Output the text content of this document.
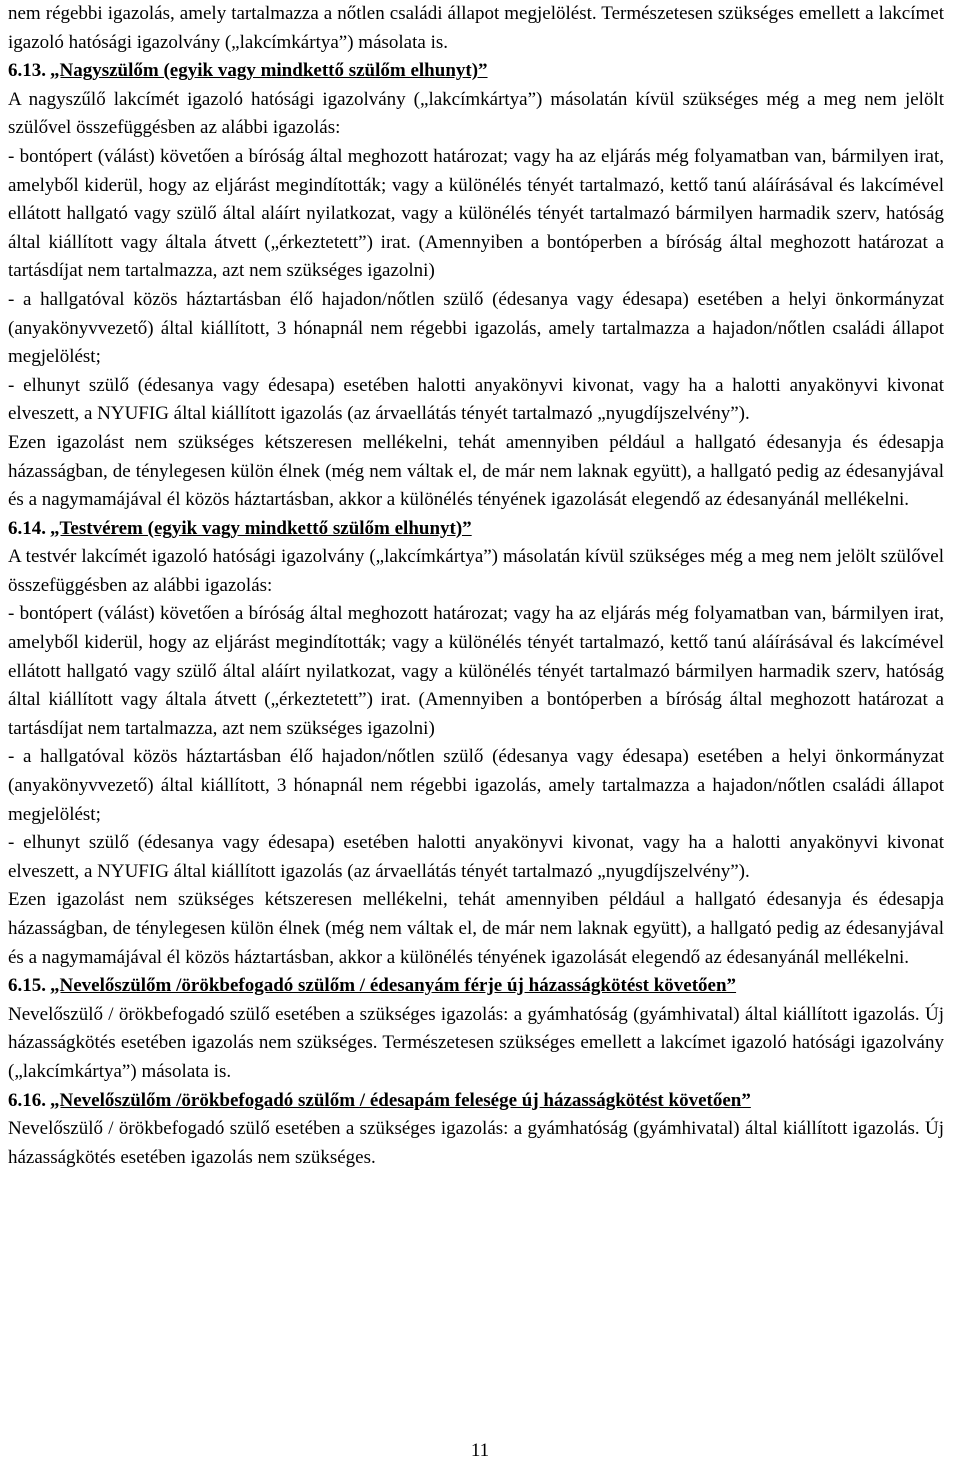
nem régebbi igazolás, amely tartalmazza a nőtlen családi állapot megjelölést. Természetesen szükséges emellett a lakcímet igazoló hatósági igazolvány („lakcímkártya”) másolata is.

6.13. „Nagyszülőm (egyik vagy mindkettő szülőm elhunyt)”

A nagyszűlő lakcímét igazoló hatósági igazolvány („lakcímkártya”) másolatán kívül szükséges még a meg nem jelölt szülővel összefüggésben az alábbi igazolás:

- bontópert (válást) követően a bíróság által meghozott határozat; vagy ha az eljárás még folyamatban van, bármilyen irat, amelyből kiderül, hogy az eljárást megindították; vagy a különélés tényét tartalmazó, kettő tanú aláírásával és lakcímével ellátott hallgató vagy szülő által aláírt nyilatkozat, vagy a különélés tényét tartalmazó bármilyen harmadik szerv, hatóság által kiállított vagy általa átvett („érkeztetett”) irat. (Amennyiben a bontóperben a bíróság által meghozott határozat a tartásdíjat nem tartalmazza, azt nem szükséges igazolni)

- a hallgatóval közös háztartásban élő hajadon/nőtlen szülő (édesanya vagy édesapa) esetében a helyi önkormányzat (anyakönyvvezető) által kiállított, 3 hónapnál nem régebbi igazolás, amely tartalmazza a hajadon/nőtlen családi állapot megjelölést;

- elhunyt szülő (édesanya vagy édesapa) esetében halotti anyakönyvi kivonat, vagy ha a halotti anyakönyvi kivonat elveszett, a NYUFIG által kiállított igazolás (az árvaellátás tényét tartalmazó „nyugdíjszelvény”).

Ezen igazolást nem szükséges kétszeresen mellékelni, tehát amennyiben például a hallgató édesanyja és édesapja házasságban, de ténylegesen külön élnek (még nem váltak el, de már nem laknak együtt), a hallgató pedig az édesanyjával és a nagymamájával él közös háztartásban, akkor a különélés tényének igazolását elegendő az édesanyánál mellékelni.

6.14. „Testvérem (egyik vagy mindkettő szülőm elhunyt)”

A testvér lakcímét igazoló hatósági igazolvány („lakcímkártya”) másolatán kívül szükséges még a meg nem jelölt szülővel összefüggésben az alábbi igazolás:

- bontópert (válást) követően a bíróság által meghozott határozat; vagy ha az eljárás még folyamatban van, bármilyen irat, amelyből kiderül, hogy az eljárást megindították; vagy a különélés tényét tartalmazó, kettő tanú aláírásával és lakcímével ellátott hallgató vagy szülő által aláírt nyilatkozat, vagy a különélés tényét tartalmazó bármilyen harmadik szerv, hatóság által kiállított vagy általa átvett („érkeztetett”) irat. (Amennyiben a bontóperben a bíróság által meghozott határozat a tartásdíjat nem tartalmazza, azt nem szükséges igazolni)

- a hallgatóval közös háztartásban élő hajadon/nőtlen szülő (édesanya vagy édesapa) esetében a helyi önkormányzat (anyakönyvvezető) által kiállított, 3 hónapnál nem régebbi igazolás, amely tartalmazza a hajadon/nőtlen családi állapot megjelölést;

- elhunyt szülő (édesanya vagy édesapa) esetében halotti anyakönyvi kivonat, vagy ha a halotti anyakönyvi kivonat elveszett, a NYUFIG által kiállított igazolás (az árvaellátás tényét tartalmazó „nyugdíjszelvény”).

Ezen igazolást nem szükséges kétszeresen mellékelni, tehát amennyiben például a hallgató édesanyja és édesapja házasságban, de ténylegesen külön élnek (még nem váltak el, de már nem laknak együtt), a hallgató pedig az édesanyjával és a nagymamájával él közös háztartásban, akkor a különélés tényének igazolását elegendő az édesanyánál mellékelni.

6.15. „Nevelőszülőm /örökbefogadó szülőm / édesanyám férje új házasságkötést követően”

Nevelőszülő / örökbefogadó szülő esetében a szükséges igazolás: a gyámhatóság (gyámhivatal) által kiállított igazolás. Új házasságkötés esetében igazolás nem szükséges. Természetesen szükséges emellett a lakcímet igazoló hatósági igazolvány („lakcímkártya”) másolata is.

6.16. „Nevelőszülőm /örökbefogadó szülőm / édesapám felesége új házasságkötést követően”

Nevelőszülő / örökbefogadó szülő esetében a szükséges igazolás: a gyámhatóság (gyámhivatal) által kiállított igazolás. Új házasságkötés esetében igazolás nem szükséges.

11
